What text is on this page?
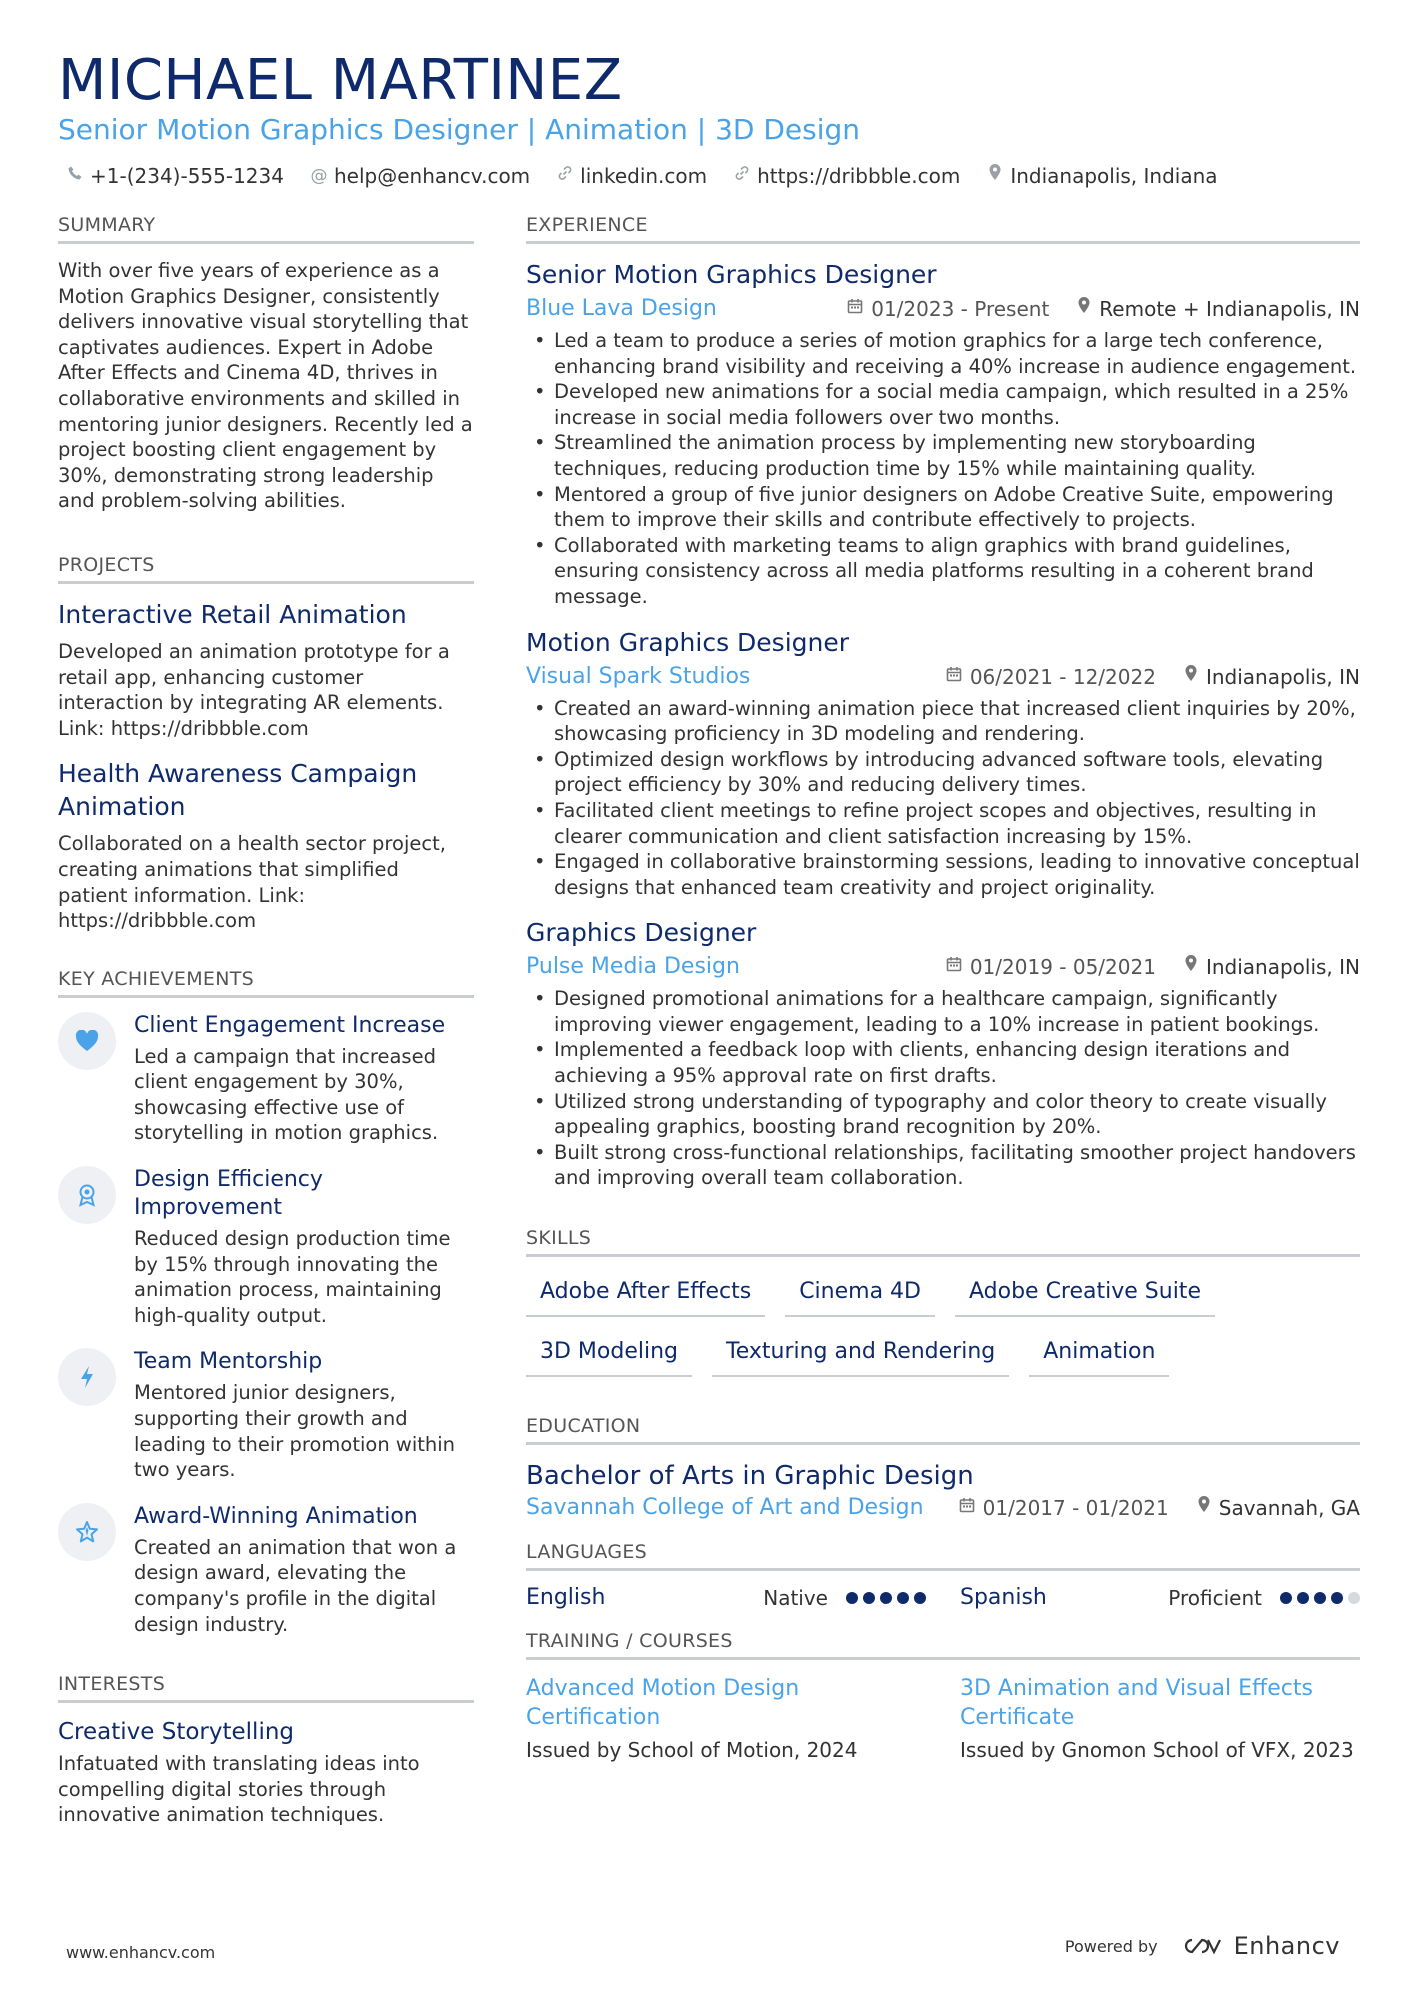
MICHAEL MARTINEZ
Senior Motion Graphics Designer | Animation | 3D Design
+1-(234)-555-1234 @ help@enhancv.com	linkedin.com	https://dribbble.com	Indianapolis, Indiana
SUMMARY
With over five years of experience as a Motion Graphics Designer, consistently delivers innovative visual storytelling that captivates audiences. Expert in Adobe After Effects and Cinema 4D, thrives in collaborative environments and skilled in mentoring junior designers. Recently led a project boosting client engagement by 30%, demonstrating strong leadership and problem-solving abilities.
PROJECTS
Interactive Retail Animation
Developed an animation prototype for a retail app, enhancing customer interaction by integrating AR elements. Link: https://dribbble.com
Health Awareness Campaign Animation
Collaborated on a health sector project, creating animations that simplified patient information. Link: https://dribbble.com
KEY ACHIEVEMENTS
Client Engagement Increase
Led a campaign that increased client engagement by 30%, showcasing effective use of storytelling in motion graphics.
Design Efficiency Improvement
Reduced design production time by 15% through innovating the animation process, maintaining high-quality output.
Team Mentorship
Mentored junior designers, supporting their growth and leading to their promotion within two years.
Award-Winning Animation
Created an animation that won a design award, elevating the company's profile in the digital design industry.
INTERESTS
Creative Storytelling
Infatuated with translating ideas into compelling digital stories through innovative animation techniques.
EXPERIENCE
Senior Motion Graphics Designer
Blue Lava Design	01/2023 - Present	Remote + Indianapolis, IN
• Led a team to produce a series of motion graphics for a large tech conference, enhancing brand visibility and receiving a 40% increase in audience engagement.
• Developed new animations for a social media campaign, which resulted in a 25% increase in social media followers over two months.
• Streamlined the animation process by implementing new storyboarding techniques, reducing production time by 15% while maintaining quality.
• Mentored a group of five junior designers on Adobe Creative Suite, empowering them to improve their skills and contribute effectively to projects.
• Collaborated with marketing teams to align graphics with brand guidelines, ensuring consistency across all media platforms resulting in a coherent brand message.
Motion Graphics Designer
Visual Spark Studios	06/2021 - 12/2022	Indianapolis, IN
• Created an award-winning animation piece that increased client inquiries by 20%, showcasing proficiency in 3D modeling and rendering.
• Optimized design workflows by introducing advanced software tools, elevating project efficiency by 30% and reducing delivery times.
• Facilitated client meetings to refine project scopes and objectives, resulting in clearer communication and client satisfaction increasing by 15%.
• Engaged in collaborative brainstorming sessions, leading to innovative conceptual designs that enhanced team creativity and project originality.
Graphics Designer
Pulse Media Design	01/2019 - 05/2021	Indianapolis, IN
• Designed promotional animations for a healthcare campaign, significantly improving viewer engagement, leading to a 10% increase in patient bookings.
• Implemented a feedback loop with clients, enhancing design iterations and achieving a 95% approval rate on first drafts.
• Utilized strong understanding of typography and color theory to create visually appealing graphics, boosting brand recognition by 20%.
• Built strong cross-functional relationships, facilitating smoother project handovers and improving overall team collaboration.
SKILLS
Adobe After Effects	Cinema 4D	Adobe Creative Suite
3D Modeling	Texturing and Rendering	Animation
EDUCATION
Bachelor of Arts in Graphic Design
Savannah College of Art and Design	01/2017 - 01/2021	Savannah, GA
LANGUAGES
English	Native	Spanish	Proficient
TRAINING / COURSES
Advanced Motion Design Certification
Issued by School of Motion, 2024
3D Animation and Visual Effects Certificate
Issued by Gnomon School of VFX, 2023
www.enhancv.com	Powered by	Enhancv
